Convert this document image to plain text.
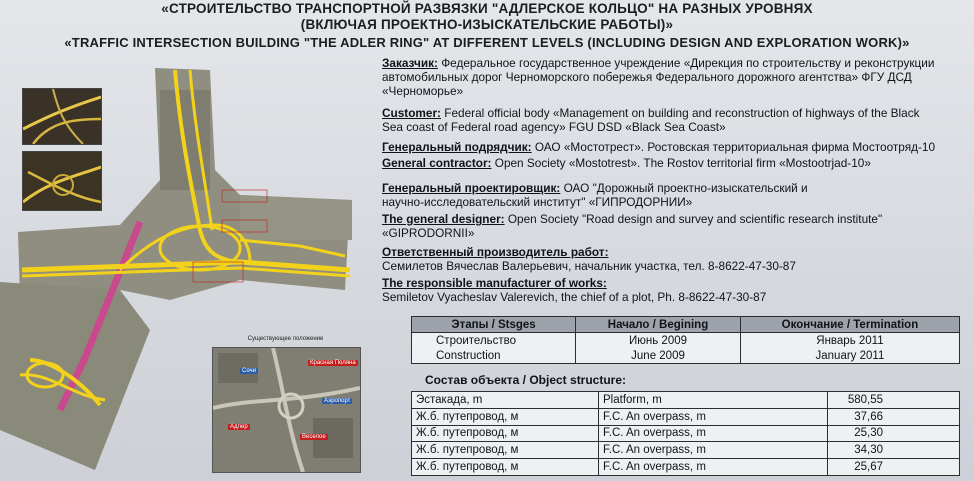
«СТРОИТЕЛЬСТВО ТРАНСПОРТНОЙ РАЗВЯЗКИ "АДЛЕРСКОЕ КОЛЬЦО" НА РАЗНЫХ УРОВНЯХ
(ВКЛЮЧАЯ ПРОЕКТНО-ИЗЫСКАТЕЛЬСКИЕ РАБОТЫ)»
«TRAFFIC INTERSECTION BUILDING "THE ADLER RING" AT DIFFERENT LEVELS (INCLUDING DESIGN AND EXPLORATION WORK)»
Существующее положение
Сочи
Красная Поляна
Аэропорт
Адлер
Веселое
Заказчик: Федеральное государственное учреждение «Дирекция по строительству и реконструкции
автомобильных дорог Черноморского побережья Федерального дорожного агентства» ФГУ ДСД
«Черноморье»
Customer: Federal official body «Management on building and reconstruction of highways of the Black
Sea coast of Federal road agency» FGU DSD «Black Sea Coast»
Генеральный подрядчик: ОАО «Мостотрест». Ростовская территориальная фирма Мостоотряд-10
General contractor: Open Society «Mostotrest». The Rostov territorial firm «Mostootrjad-10»
Генеральный проектировщик: ОАО "Дорожный проектно-изыскательский и
научно-исследовательский институт" «ГИПРОДОРНИИ»
The general designer: Open Society "Road design and survey and scientific research institute"
«GIPRODORNII»
Ответственный производитель работ:
Семилетов Вячеслав Валерьевич, начальник участка, тел. 8-8622-47-30-87
The responsible manufacturer of works:
Semiletov Vyacheslav Valerevich, the chief of a plot, Ph. 8-8622-47-30-87
Этапы / Stsges	Начало / Begining	Окончание / Termination
Строительство	Июнь 2009	Январь 2011
Construction	June 2009	January 2011
Состав объекта / Object structure:
Эстакада, m	Platform, m	580,55
Ж.б. путепровод, м	F.C. An overpass, m	37,66
Ж.б. путепровод, м	F.C. An overpass, m	25,30
Ж.б. путепровод, м	F.C. An overpass, m	34,30
Ж.б. путепровод, м	F.C. An overpass, m	25,67
